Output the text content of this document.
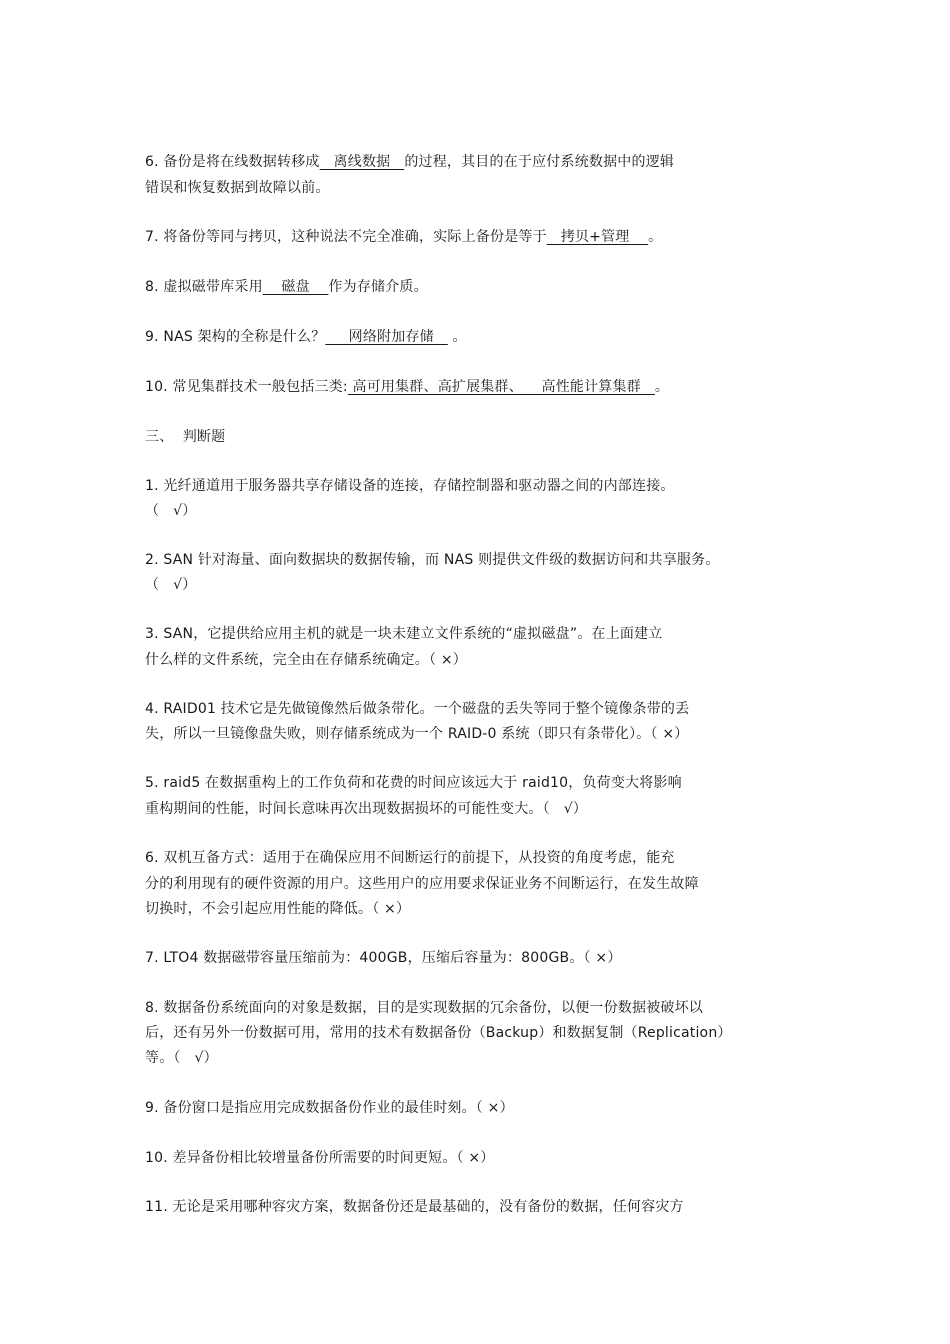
6. 备份是将在线数据转移成   离线数据   的过程，其目的在于应付系统数据中的逻辑
错误和恢复数据到故障以前。
7. 将备份等同与拷贝，这种说法不完全准确，实际上备份是等于   拷贝+管理    。
8. 虚拟磁带库采用    磁盘    作为存储介质。
9. NAS 架构的全称是什么？     网络附加存储    。
10. 常见集群技术一般包括三类: 高可用集群、高扩展集群、    高性能计算集群   。
三、  判断题
1. 光纤通道用于服务器共享存储设备的连接，存储控制器和驱动器之间的内部连接。
（   √）
2. SAN 针对海量、面向数据块的数据传输，而 NAS 则提供文件级的数据访问和共享服务。
（   √）
3. SAN，它提供给应用主机的就是一块未建立文件系统的“虚拟磁盘”。在上面建立
什么样的文件系统，完全由在存储系统确定。（ ×）
4. RAID01 技术它是先做镜像然后做条带化。一个磁盘的丢失等同于整个镜像条带的丢
失，所以一旦镜像盘失败，则存储系统成为一个 RAID-0 系统（即只有条带化）。（ ×）
5. raid5 在数据重构上的工作负荷和花费的时间应该远大于 raid10，负荷变大将影响
重构期间的性能，时间长意味再次出现数据损坏的可能性变大。（   √）
6. 双机互备方式：适用于在确保应用不间断运行的前提下，从投资的角度考虑，能充
分的利用现有的硬件资源的用户。这些用户的应用要求保证业务不间断运行，在发生故障
切换时，不会引起应用性能的降低。（ ×）
7. LTO4 数据磁带容量压缩前为：400GB，压缩后容量为：800GB。（ ×）
8. 数据备份系统面向的对象是数据，目的是实现数据的冗余备份，以便一份数据被破坏以
后，还有另外一份数据可用，常用的技术有数据备份（Backup）和数据复制（Replication）
等。（   √）
9. 备份窗口是指应用完成数据备份作业的最佳时刻。（ ×）
10. 差异备份相比较增量备份所需要的时间更短。（ ×）
11. 无论是采用哪种容灾方案，数据备份还是最基础的，没有备份的数据，任何容灾方
